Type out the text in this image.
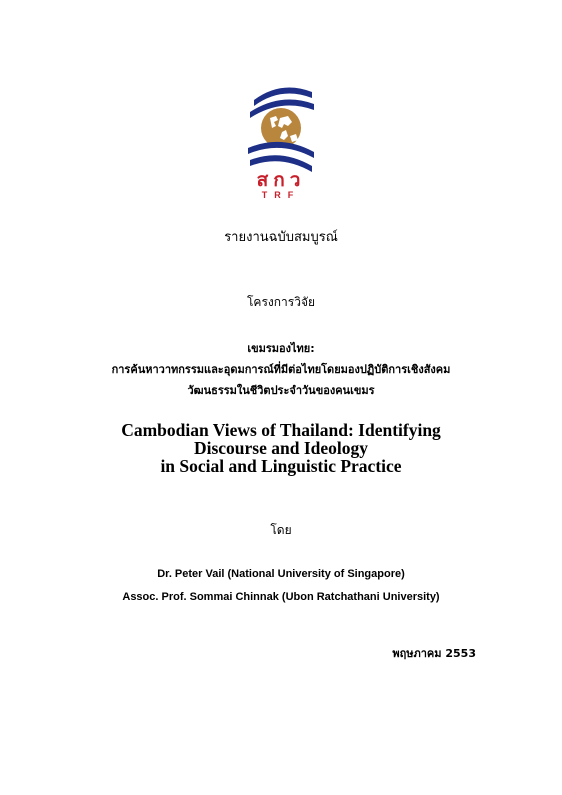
สกว
TRF
รายงานฉบับสมบูรณ์
โครงการวิจัย
เขมรมองไทย:
การค้นหาวาทกรรมและอุดมการณ์ที่มีต่อไทยโดยมองปฏิบัติการเชิงสังคม
วัฒนธรรมในชีวิตประจำวันของคนเขมร
Cambodian Views of Thailand: Identifying
Discourse and Ideology
in Social and Linguistic Practice
โดย
Dr. Peter Vail (National University of Singapore)
Assoc. Prof. Sommai Chinnak (Ubon Ratchathani University)
พฤษภาคม 2553
